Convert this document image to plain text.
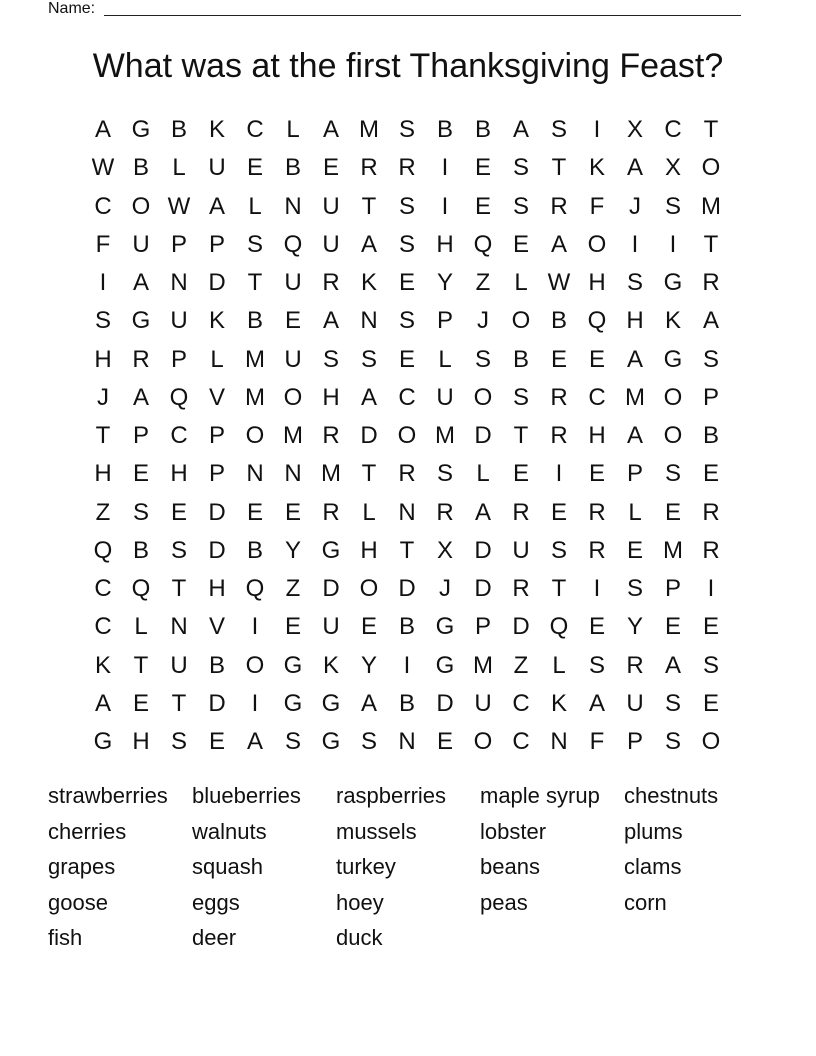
Name:
What was at the first Thanksgiving Feast?
A G B K C L A M S B B A S	I	X C T
W B L U E B E R R	I	E S T K A X O
C O W A L N U T S	I	E S R F	J S M
F U P P S Q U A S H Q E A O	I	I	T
I	A N D T U R K E Y Z L W H S G R
S G U K B E A N S P	J O B Q H K A
H R P L M U S S E L S B E E A G S
J A Q V M O H A C U O S R C M O P
T P C P O M R D O M D T R H A O B
H E H P N N M T R S L E	I	E P S E
Z S E D E E R L N R A R E R L E R
Q B S D B Y G H T X D U S R E M R
C Q T H Q Z D O D J D R T	I	S P	I
C L N V	I	E U E B G P D Q E Y E E
K T U B O G K Y	I	G M Z L S R A S
A E T D	I	G G A B D U C K A U S E
G H S E A S G S N E O C N F P S O
strawberries	blueberries	raspberries	maple syrup	chestnuts
cherries	walnuts	mussels	lobster	plums
grapes	squash	turkey	beans	clams
goose	eggs	hoey	peas	corn
fish	deer	duck
